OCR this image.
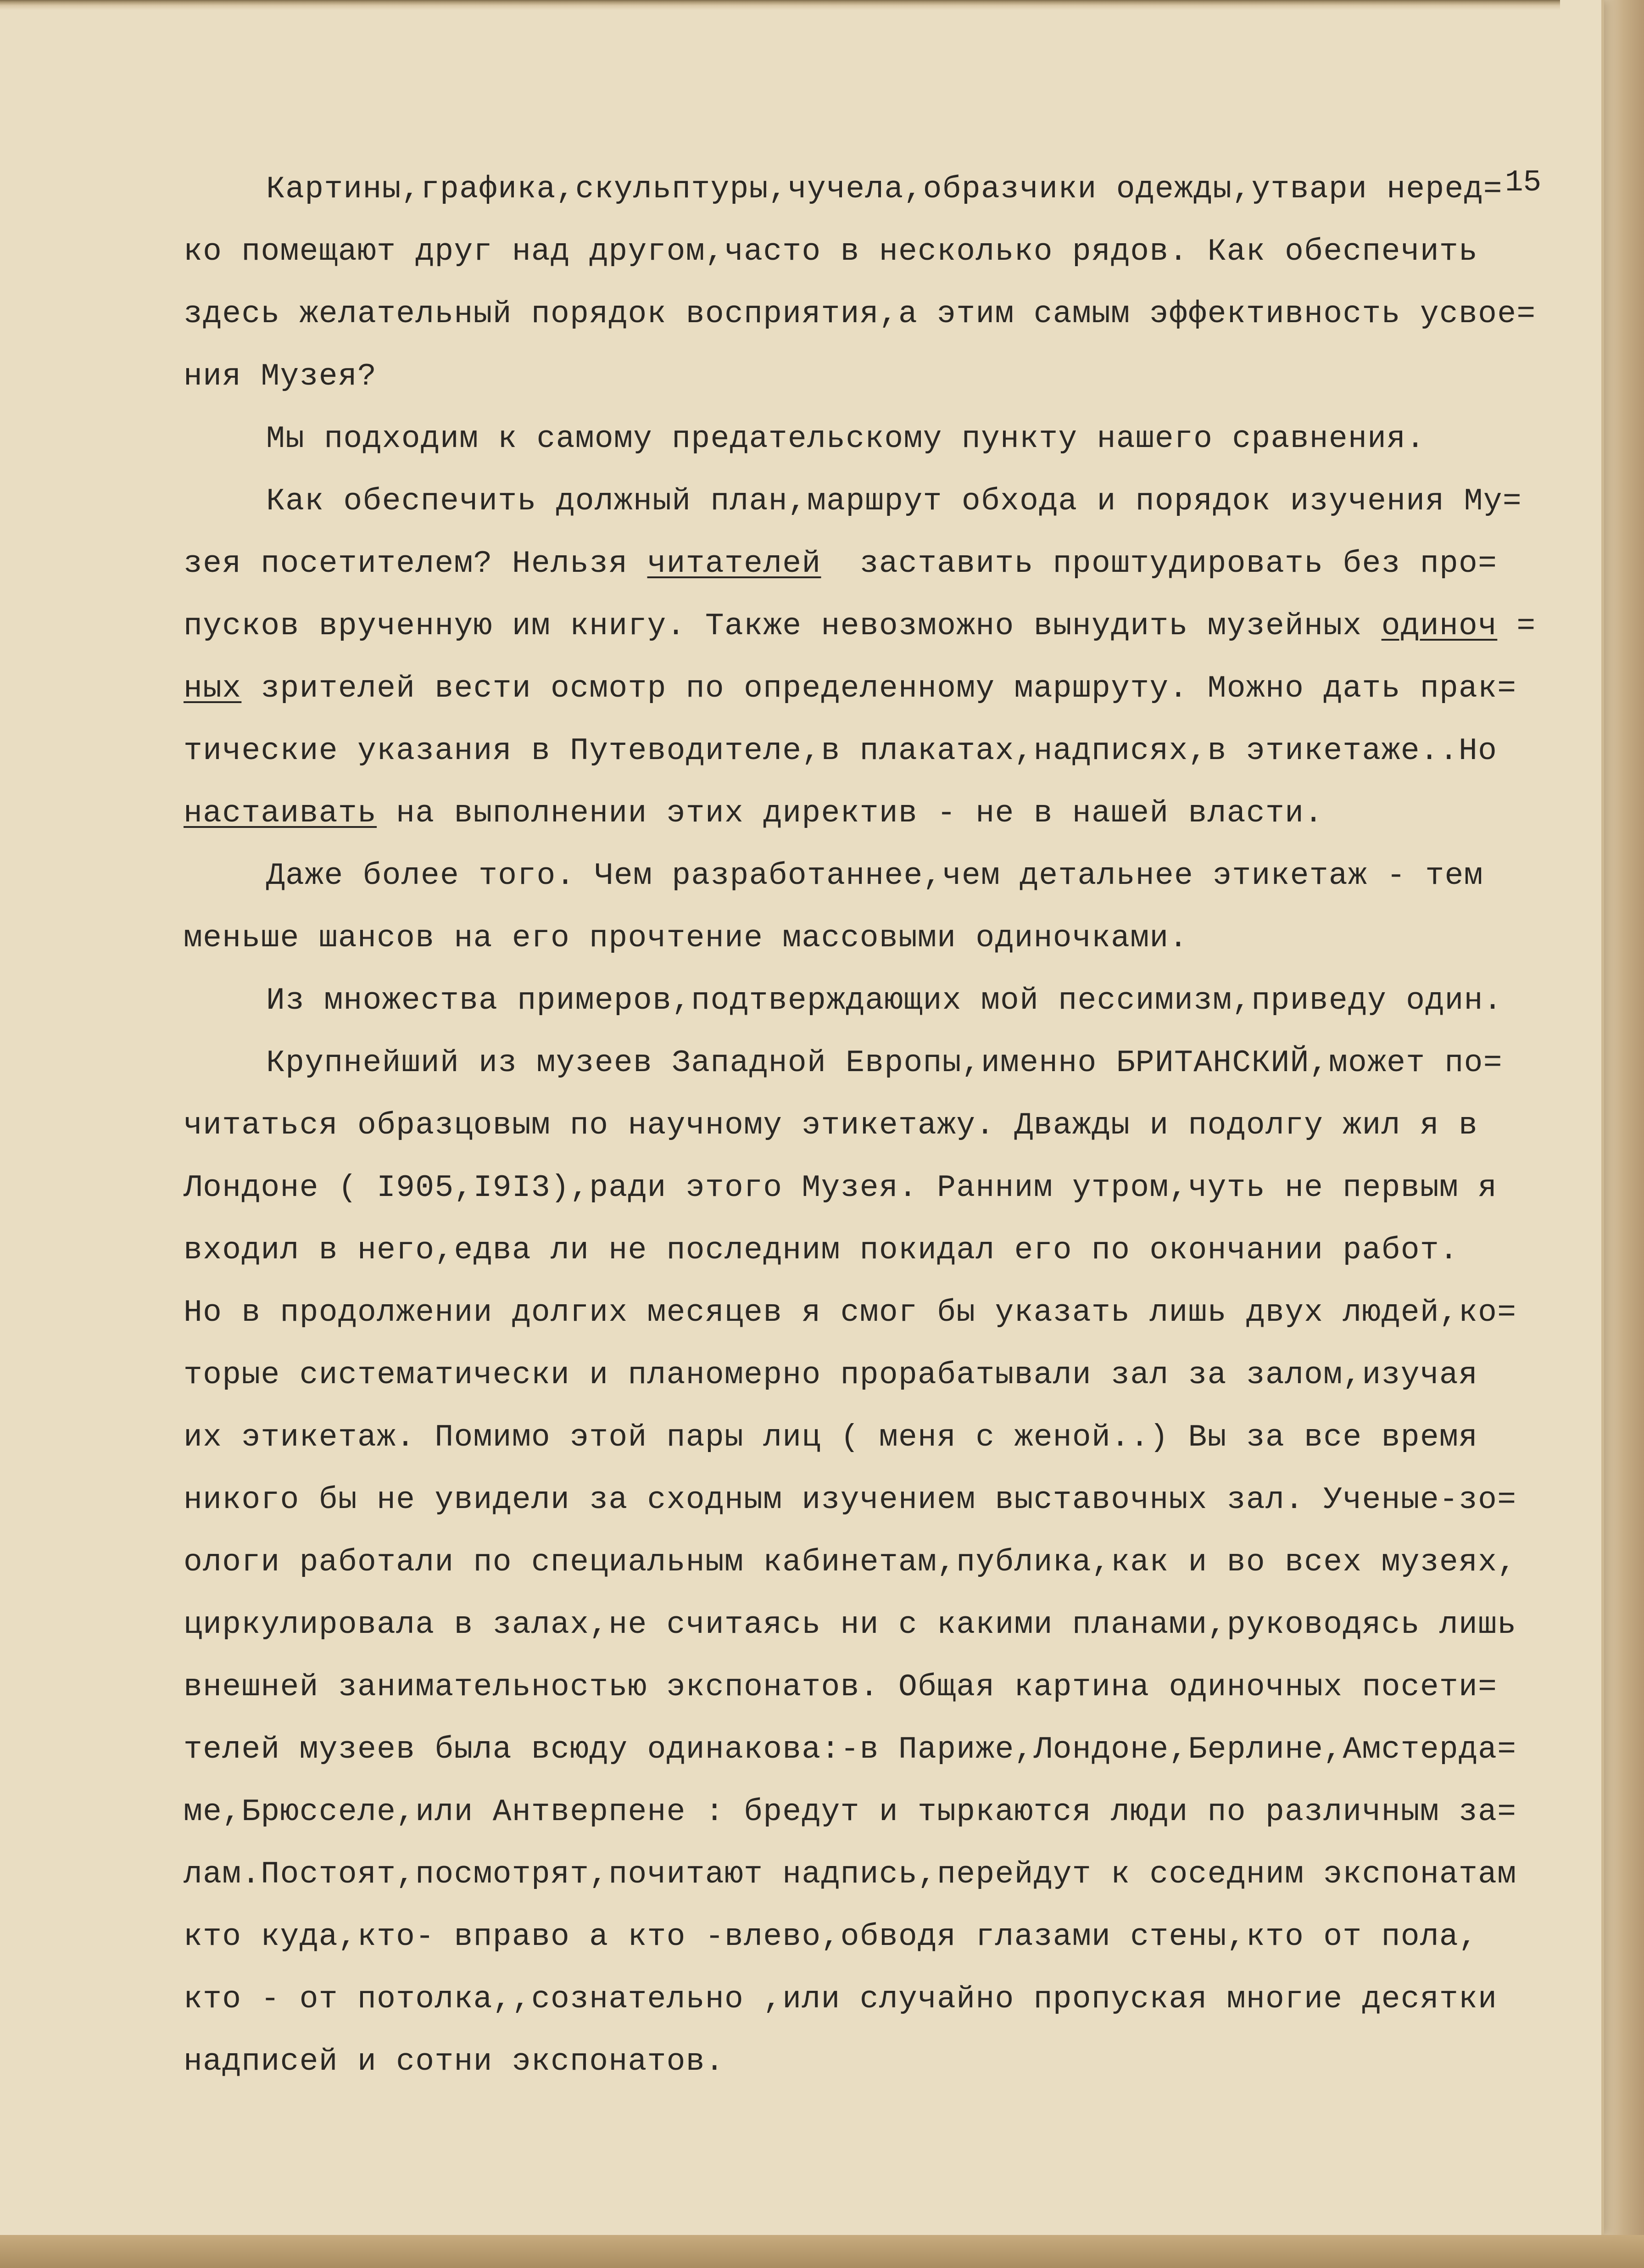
15
Картины,графика,скульптуры,чучела,образчики одежды,утвари неред=
ко помещают друг над другом,часто в несколько рядов. Как обеспечить
здесь желательный порядок восприятия,а этим самым эффективность усвое=
ния Музея?
Мы подходим к самому предательскому пункту нашего сравнения.
Как обеспечить должный план,маршрут обхода и порядок изучения Му=
зея посетителем? Нельзя читателей  заставить проштудировать без про=
пусков врученную им книгу. Также невозможно вынудить музейных одиноч =
ных зрителей вести осмотр по определенному маршруту. Можно дать прак=
тические указания в Путеводителе,в плакатах,надписях,в этикетаже..Но
настаивать на выполнении этих директив - не в нашей власти.
Даже более того. Чем разработаннее,чем детальнее этикетаж - тем
меньше шансов на его прочтение массовыми одиночками.
Из множества примеров,подтверждающих мой пессимизм,приведу один.
Крупнейший из музеев Западной Европы,именно БРИТАНСКИЙ,может по=
читаться образцовым по научному этикетажу. Дважды и подолгу жил я в
Лондоне ( I905,I9I3),ради этого Музея. Ранним утром,чуть не первым я
входил в него,едва ли не последним покидал его по окончании работ.
Но в продолжении долгих месяцев я смог бы указать лишь двух людей,ко=
торые систематически и планомерно прорабатывали зал за залом,изучая
их этикетаж. Помимо этой пары лиц ( меня с женой..) Вы за все время
никого бы не увидели за сходным изучением выставочных зал. Ученые-зо=
ологи работали по специальным кабинетам,публика,как и во всех музеях,
циркулировала в залах,не считаясь ни с какими планами,руководясь лишь
внешней занимательностью экспонатов. Общая картина одиночных посети=
телей музеев была всюду одинакова:-в Париже,Лондоне,Берлине,Амстерда=
ме,Брюсселе,или Антверпене : бредут и тыркаются люди по различным за=
лам.Постоят,посмотрят,почитают надпись,перейдут к соседним экспонатам
кто куда,кто- вправо а кто -влево,обводя глазами стены,кто от пола,
кто - от потолка,,сознательно ,или случайно пропуская многие десятки
надписей и сотни экспонатов.
